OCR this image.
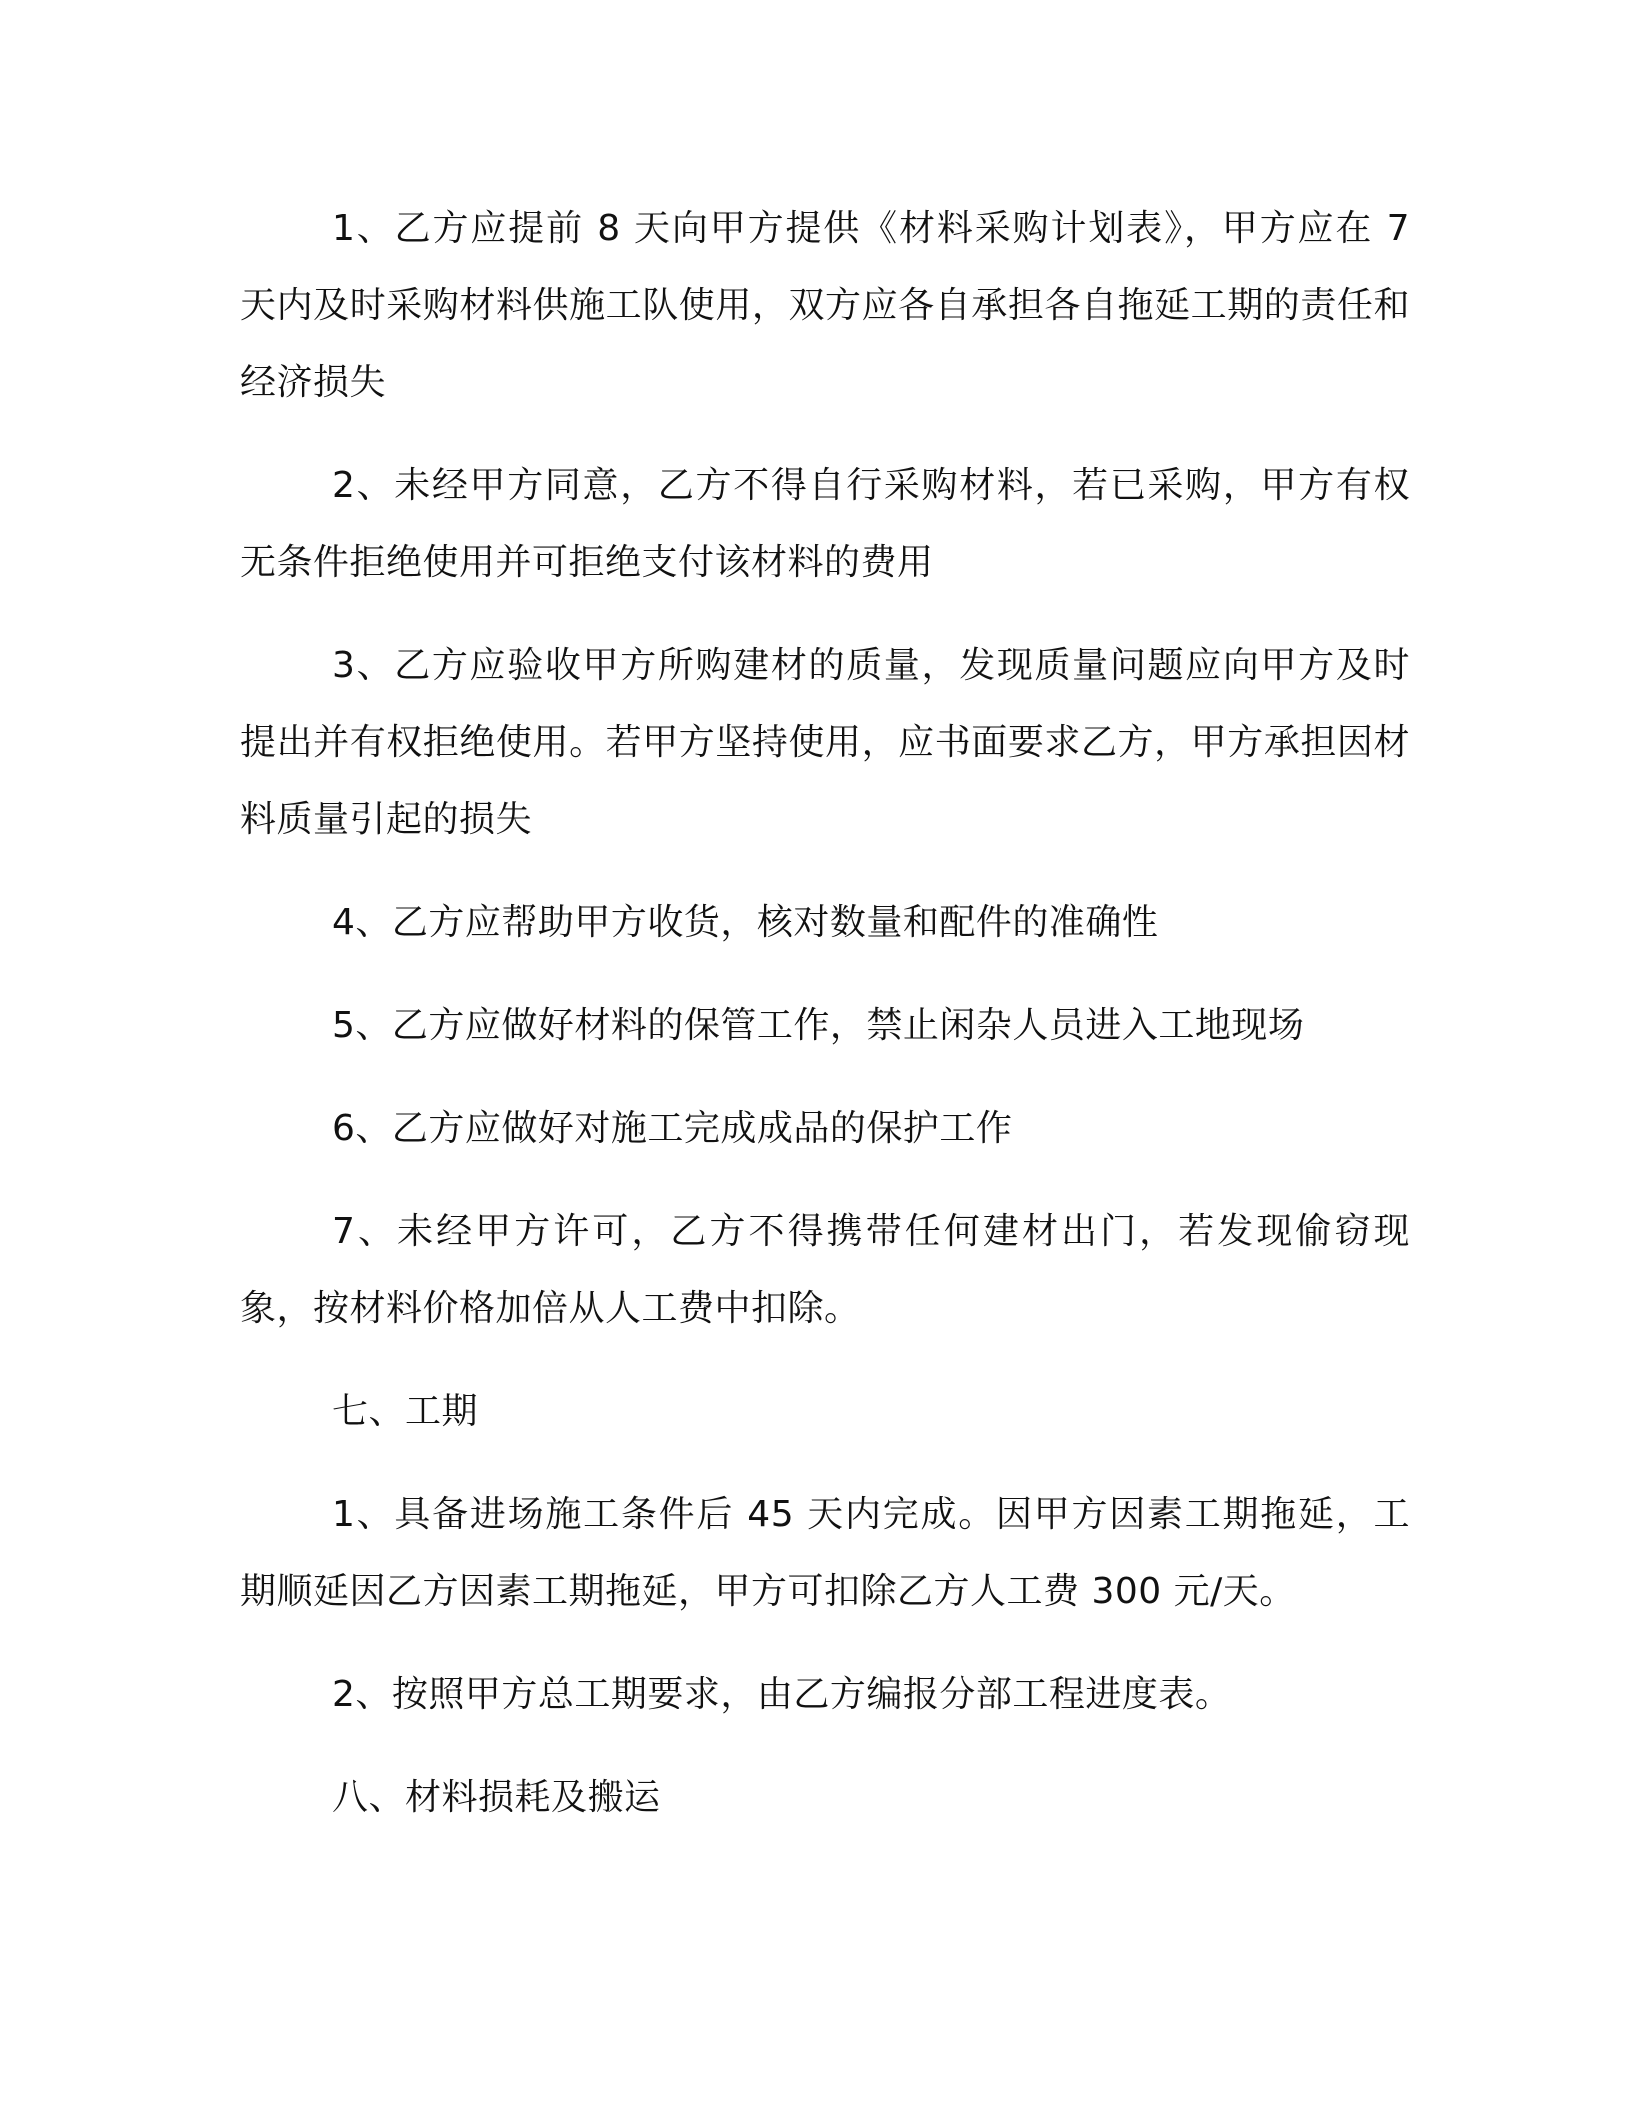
1、乙方应提前 8 天向甲方提供《材料采购计划表》，甲方应在 7 天内及时采购材料供施工队使用，双方应各自承担各自拖延工期的责任和经济损失

2、未经甲方同意，乙方不得自行采购材料，若已采购，甲方有权无条件拒绝使用并可拒绝支付该材料的费用

3、乙方应验收甲方所购建材的质量，发现质量问题应向甲方及时提出并有权拒绝使用。若甲方坚持使用，应书面要求乙方，甲方承担因材料质量引起的损失

4、乙方应帮助甲方收货，核对数量和配件的准确性

5、乙方应做好材料的保管工作，禁止闲杂人员进入工地现场

6、乙方应做好对施工完成成品的保护工作

7、未经甲方许可，乙方不得携带任何建材出门，若发现偷窃现象，按材料价格加倍从人工费中扣除。

七、工期

1、具备进场施工条件后 45 天内完成。因甲方因素工期拖延，工期顺延因乙方因素工期拖延，甲方可扣除乙方人工费 300 元/天。

2、按照甲方总工期要求，由乙方编报分部工程进度表。

八、材料损耗及搬运
